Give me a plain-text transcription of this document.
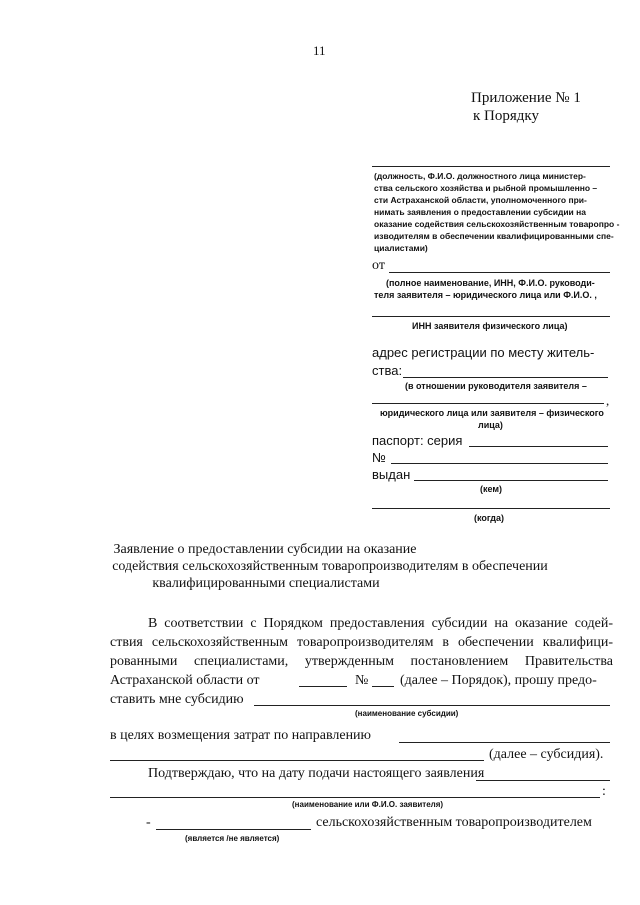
11
Приложение № 1
к Порядку
(должность, Ф.И.О. должностного лица министер-
ства сельского хозяйства и рыбной промышленно –
сти Астраханской области, уполномоченного при-
нимать заявления о предоставлении субсидии на
оказание содействия сельскохозяйственным товаропро -
изводителям в обеспечении квалифицированными спе-
циалистами)
от
(полное наименование, ИНН, Ф.И.О. руководи-
теля заявителя – юридического лица или Ф.И.О. ,
ИНН заявителя физического лица)
адрес регистрации по месту житель-
ства:
(в отношении руководителя заявителя –
,
юридического лица или заявителя – физического
лица)
паспорт: серия
№
выдан
(кем)
(когда)
Заявление о предоставлении субсидии на оказание
содействия сельскохозяйственным товаропроизводителям в обеспечении
квалифицированными специалистами
В соответствии с Порядком предоставления субсидии на оказание содей-
ствия сельскохозяйственным товаропроизводителям в обеспечении квалифици-
рованными специалистами, утвержденным постановлением Правительства
Астраханской области от	№ (далее – Порядок), прошу предо-
ставить мне субсидию
(наименование субсидии)
в целях возмещения затрат по направлению
(далее – субсидия).
Подтверждаю, что на дату подачи настоящего заявления
:
(наименование или Ф.И.О. заявителя)
-	сельскохозяйственным товаропроизводителем
(является /не является)
